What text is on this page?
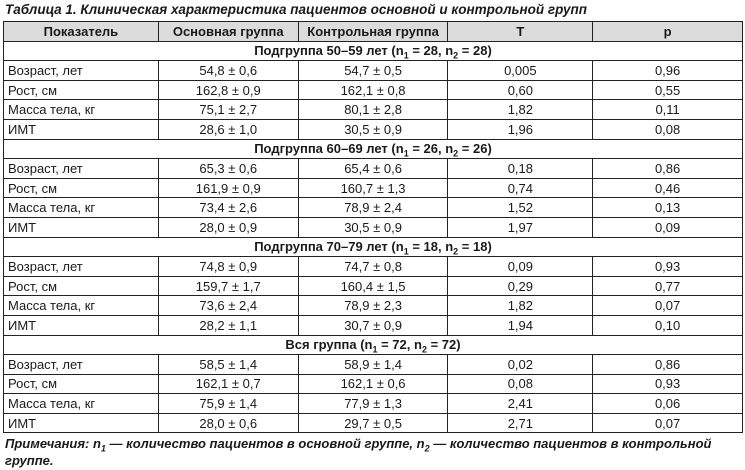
Таблица 1. Клиническая характеристика пациентов основной и контрольной групп
Показатель	Основная группа	Контрольная группа	T	p
Подгруппа 50–59 лет ($n_1 = 28$, $n_2 = 28$)				
Возраст, лет	54,8 ± 0,6	54,7 ± 0,5	0,005	0,96
Рост, см	162,8 ± 0,9	162,1 ± 0,8	0,60	0,55
Масса тела, кг	75,1 ± 2,7	80,1 ± 2,8	1,82	0,11
ИМТ	28,6 ± 1,0	30,5 ± 0,9	1,96	0,08
Подгруппа 60–69 лет ($n_1 = 26$, $n_2 = 26$)				
Возраст, лет	65,3 ± 0,6	65,4 ± 0,6	0,18	0,86
Рост, см	161,9 ± 0,9	160,7 ± 1,3	0,74	0,46
Масса тела, кг	73,4 ± 2,6	78,9 ± 2,4	1,52	0,13
ИМТ	28,0 ± 0,9	30,5 ± 0,9	1,97	0,09
Подгруппа 70–79 лет ($n_1 = 18$, $n_2 = 18$)				
Возраст, лет	74,8 ± 0,9	74,7 ± 0,8	0,09	0,93
Рост, см	159,7 ± 1,7	160,4 ± 1,5	0,29	0,77
Масса тела, кг	73,6 ± 2,4	78,9 ± 2,3	1,82	0,07
ИМТ	28,2 ± 1,1	30,7 ± 0,9	1,94	0,10
Вся группа ($n_1 = 72$, $n_2 = 72$)				
Возраст, лет	58,5 ± 1,4	58,9 ± 1,4	0,02	0,86
Рост, см	162,1 ± 0,7	162,1 ± 0,6	0,08	0,93
Масса тела, кг	75,9 ± 1,4	77,9 ± 1,3	2,41	0,06
ИМТ	28,0 ± 0,6	29,7 ± 0,5	2,71	0,07
Примечания: $n_1$ — количество пациентов в основной группе, $n_2$ — количество пациентов в контрольной группе.
